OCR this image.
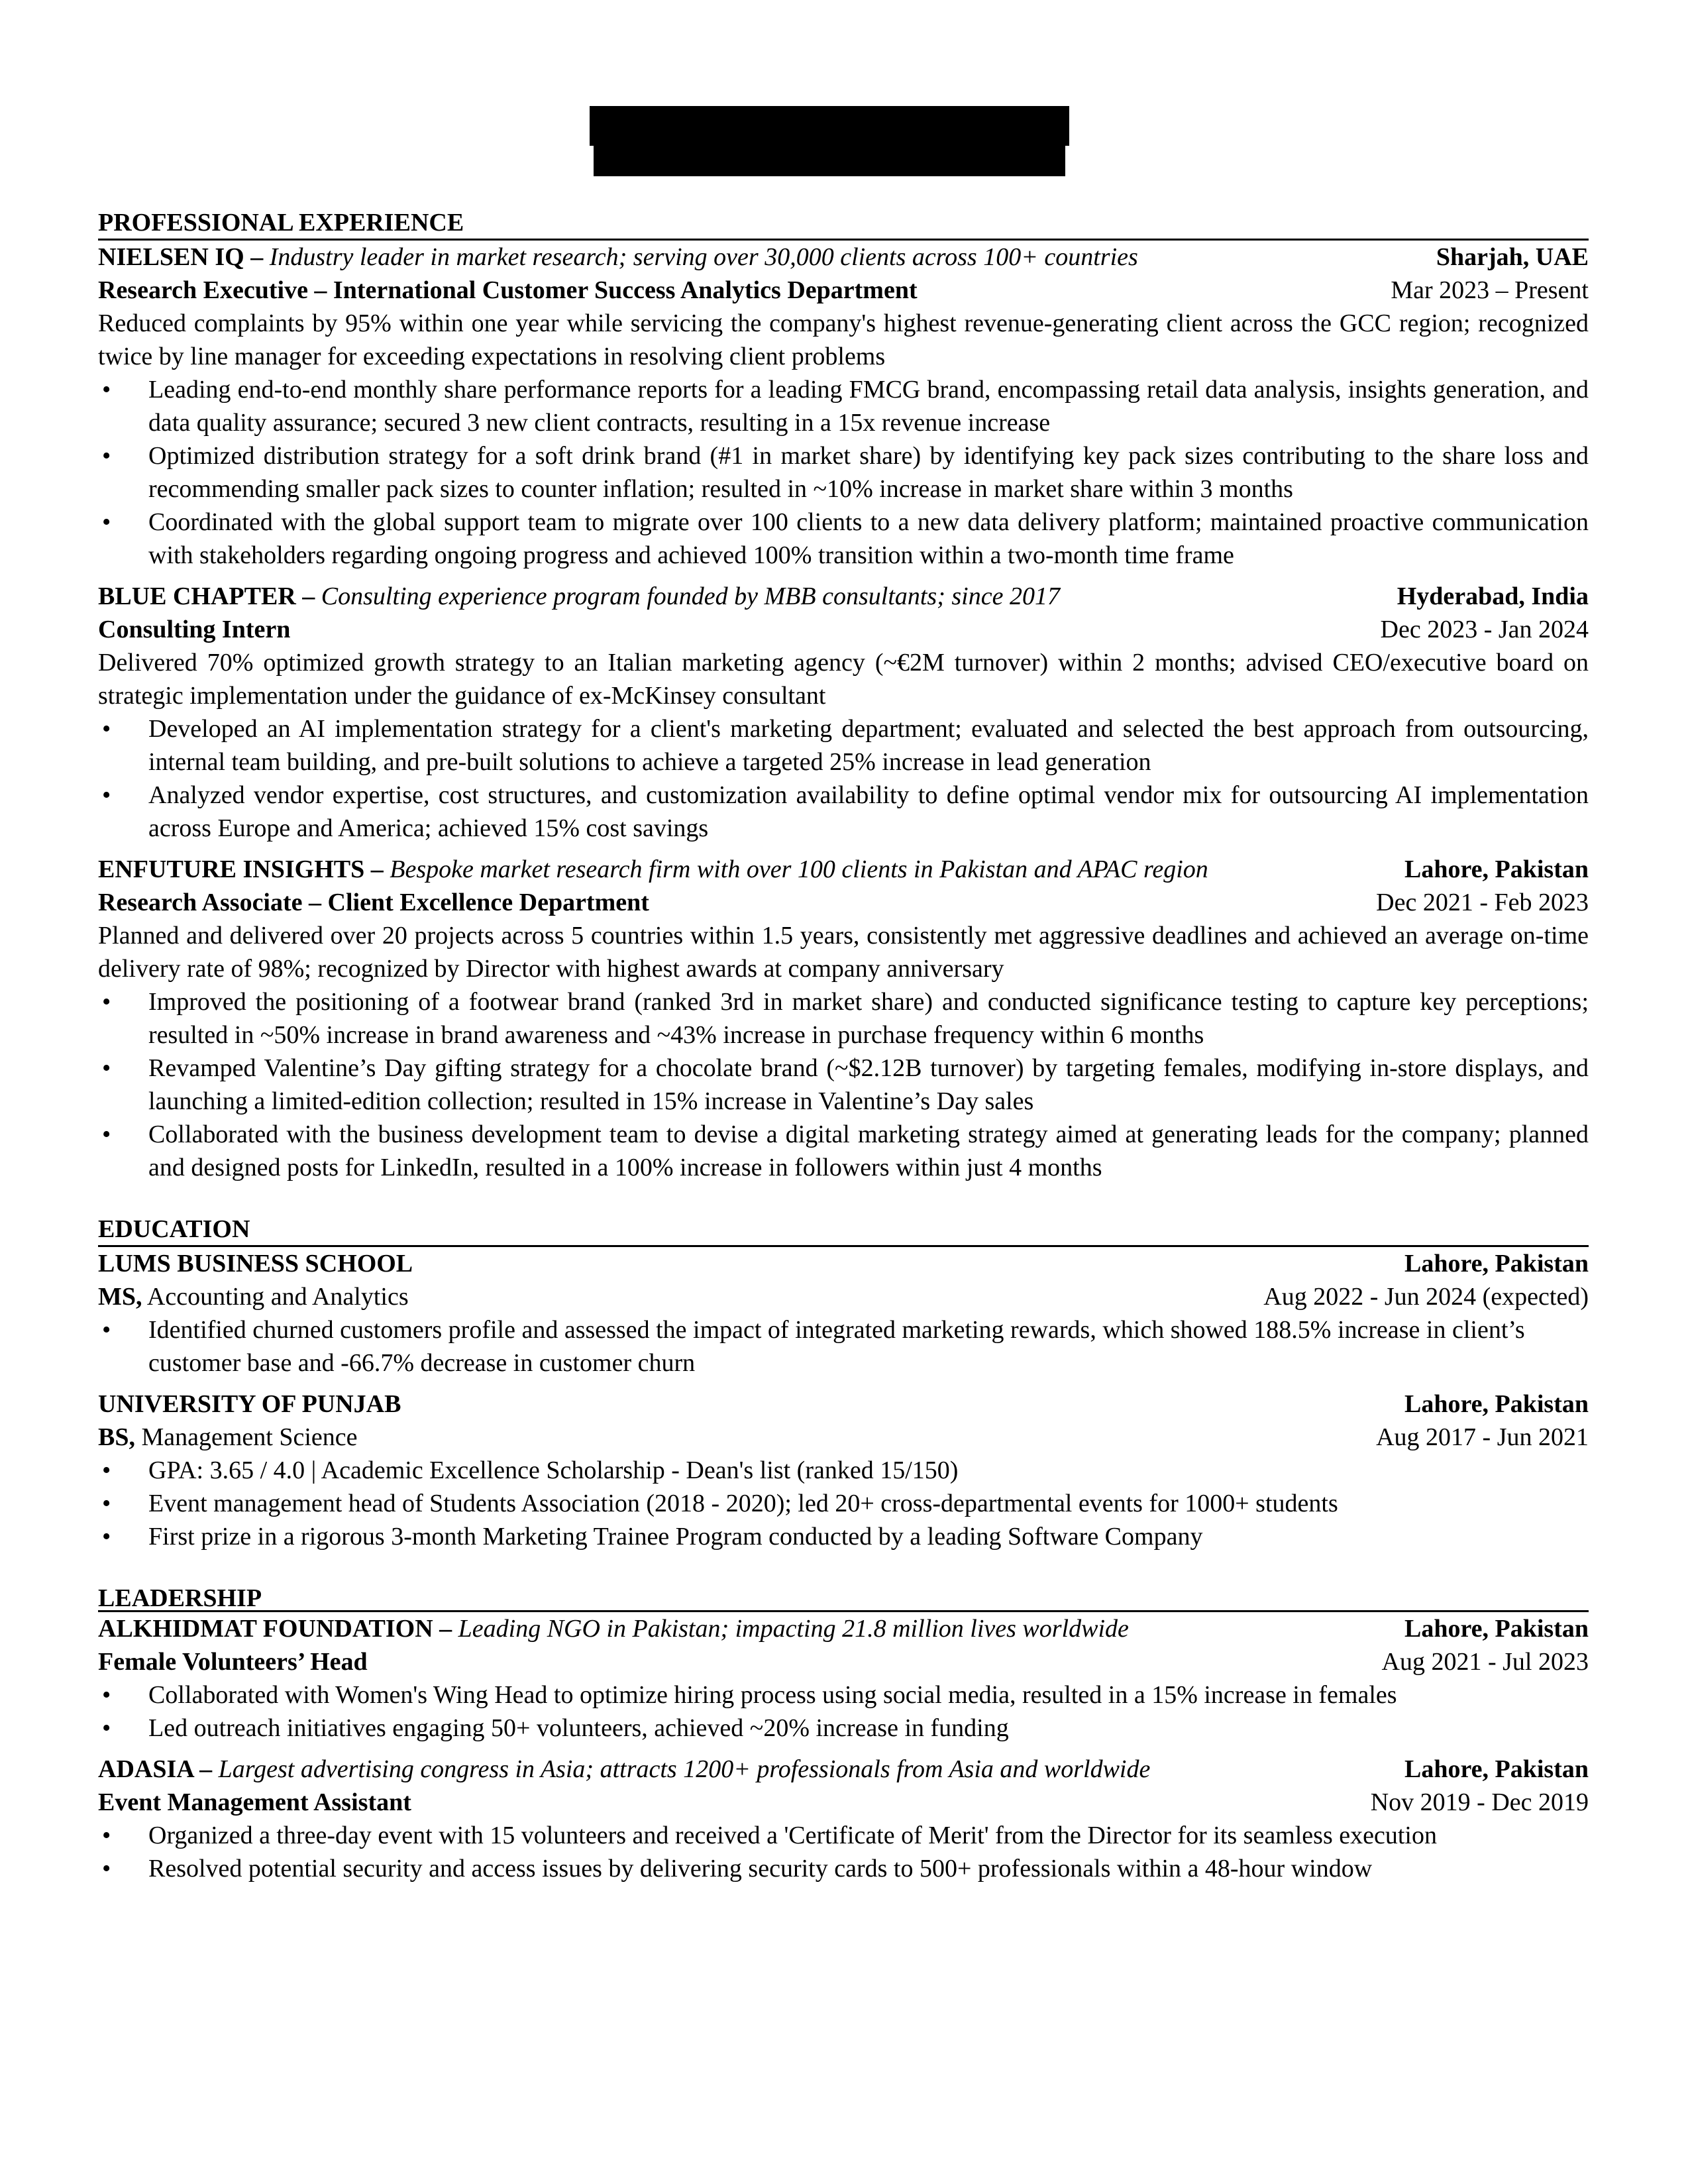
PROFESSIONAL EXPERIENCE
NIELSEN IQ – Industry leader in market research; serving over 30,000 clients across 100+ countries	Sharjah, UAE
Research Executive – International Customer Success Analytics Department	Mar 2023 – Present
Reduced complaints by 95% within one year while servicing the company's highest revenue-generating client across the GCC region; recognized twice by line manager for exceeding expectations in resolving client problems
• Leading end-to-end monthly share performance reports for a leading FMCG brand, encompassing retail data analysis, insights generation, and data quality assurance; secured 3 new client contracts, resulting in a 15x revenue increase
• Optimized distribution strategy for a soft drink brand (#1 in market share) by identifying key pack sizes contributing to the share loss and recommending smaller pack sizes to counter inflation; resulted in ~10% increase in market share within 3 months
• Coordinated with the global support team to migrate over 100 clients to a new data delivery platform; maintained proactive communication with stakeholders regarding ongoing progress and achieved 100% transition within a two-month time frame
BLUE CHAPTER – Consulting experience program founded by MBB consultants; since 2017	Hyderabad, India
Consulting Intern	Dec 2023 - Jan 2024
Delivered 70% optimized growth strategy to an Italian marketing agency (~€2M turnover) within 2 months; advised CEO/executive board on strategic implementation under the guidance of ex-McKinsey consultant
• Developed an AI implementation strategy for a client's marketing department; evaluated and selected the best approach from outsourcing, internal team building, and pre-built solutions to achieve a targeted 25% increase in lead generation
• Analyzed vendor expertise, cost structures, and customization availability to define optimal vendor mix for outsourcing AI implementation across Europe and America; achieved 15% cost savings
ENFUTURE INSIGHTS – Bespoke market research firm with over 100 clients in Pakistan and APAC region	Lahore, Pakistan
Research Associate – Client Excellence Department	Dec 2021 - Feb 2023
Planned and delivered over 20 projects across 5 countries within 1.5 years, consistently met aggressive deadlines and achieved an average on-time delivery rate of 98%; recognized by Director with highest awards at company anniversary
• Improved the positioning of a footwear brand (ranked 3rd in market share) and conducted significance testing to capture key perceptions; resulted in ~50% increase in brand awareness and ~43% increase in purchase frequency within 6 months
• Revamped Valentine’s Day gifting strategy for a chocolate brand (~$2.12B turnover) by targeting females, modifying in-store displays, and launching a limited-edition collection; resulted in 15% increase in Valentine’s Day sales
• Collaborated with the business development team to devise a digital marketing strategy aimed at generating leads for the company; planned and designed posts for LinkedIn, resulted in a 100% increase in followers within just 4 months
EDUCATION
LUMS BUSINESS SCHOOL	Lahore, Pakistan
MS, Accounting and Analytics	Aug 2022 - Jun 2024 (expected)
• Identified churned customers profile and assessed the impact of integrated marketing rewards, which showed 188.5% increase in client’s customer base and -66.7% decrease in customer churn
UNIVERSITY OF PUNJAB	Lahore, Pakistan
BS, Management Science	Aug 2017 - Jun 2021
• GPA: 3.65 / 4.0 | Academic Excellence Scholarship - Dean's list (ranked 15/150)
• Event management head of Students Association (2018 - 2020); led 20+ cross-departmental events for 1000+ students
• First prize in a rigorous 3-month Marketing Trainee Program conducted by a leading Software Company
LEADERSHIP
ALKHIDMAT FOUNDATION – Leading NGO in Pakistan; impacting 21.8 million lives worldwide	Lahore, Pakistan
Female Volunteers’ Head	Aug 2021 - Jul 2023
• Collaborated with Women's Wing Head to optimize hiring process using social media, resulted in a 15% increase in females
• Led outreach initiatives engaging 50+ volunteers, achieved ~20% increase in funding
ADASIA – Largest advertising congress in Asia; attracts 1200+ professionals from Asia and worldwide	Lahore, Pakistan
Event Management Assistant	Nov 2019 - Dec 2019
• Organized a three-day event with 15 volunteers and received a 'Certificate of Merit' from the Director for its seamless execution
• Resolved potential security and access issues by delivering security cards to 500+ professionals within a 48-hour window
